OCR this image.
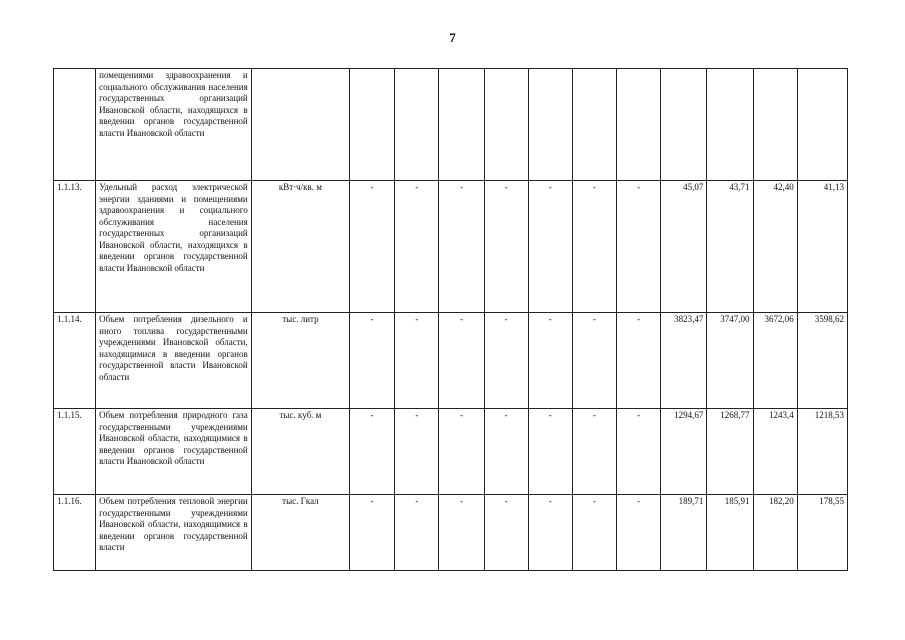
7
	помещениями здравоохранения и социального обслуживания населения государственных организаций Ивановской области, находящихся в введении органов государственной власти Ивановской области												
1.1.13.	Удельный расход электрической энергии зданиями и помещениями здравоохранения и социального обслуживания населения государственных организаций Ивановской области, находящихся в введении органов государственной власти Ивановской области	кВт·ч/кв. м	-	-	-	-	-	-	-	45,07	43,71	42,40	41,13
1.1.14.	Объем потребления дизельного и иного топлива государственными учреждениями Ивановской области, находящимися в введении органов государственной власти Ивановской области	тыс. литр	-	-	-	-	-	-	-	3823,47	3747,00	3672,06	3598,62
1.1.15.	Объем потребления природного газа государственными учреждениями Ивановской области, находящимися в введении органов государственной власти Ивановской области	тыс. куб. м	-	-	-	-	-	-	-	1294,67	1268,77	1243,4	1218,53
1.1.16.	Объем потребления тепловой энергии государственными учреждениями Ивановской области, находящимися в введении органов государственной власти	тыс. Гкал	-	-	-	-	-	-	-	189,71	185,91	182,20	178,55
